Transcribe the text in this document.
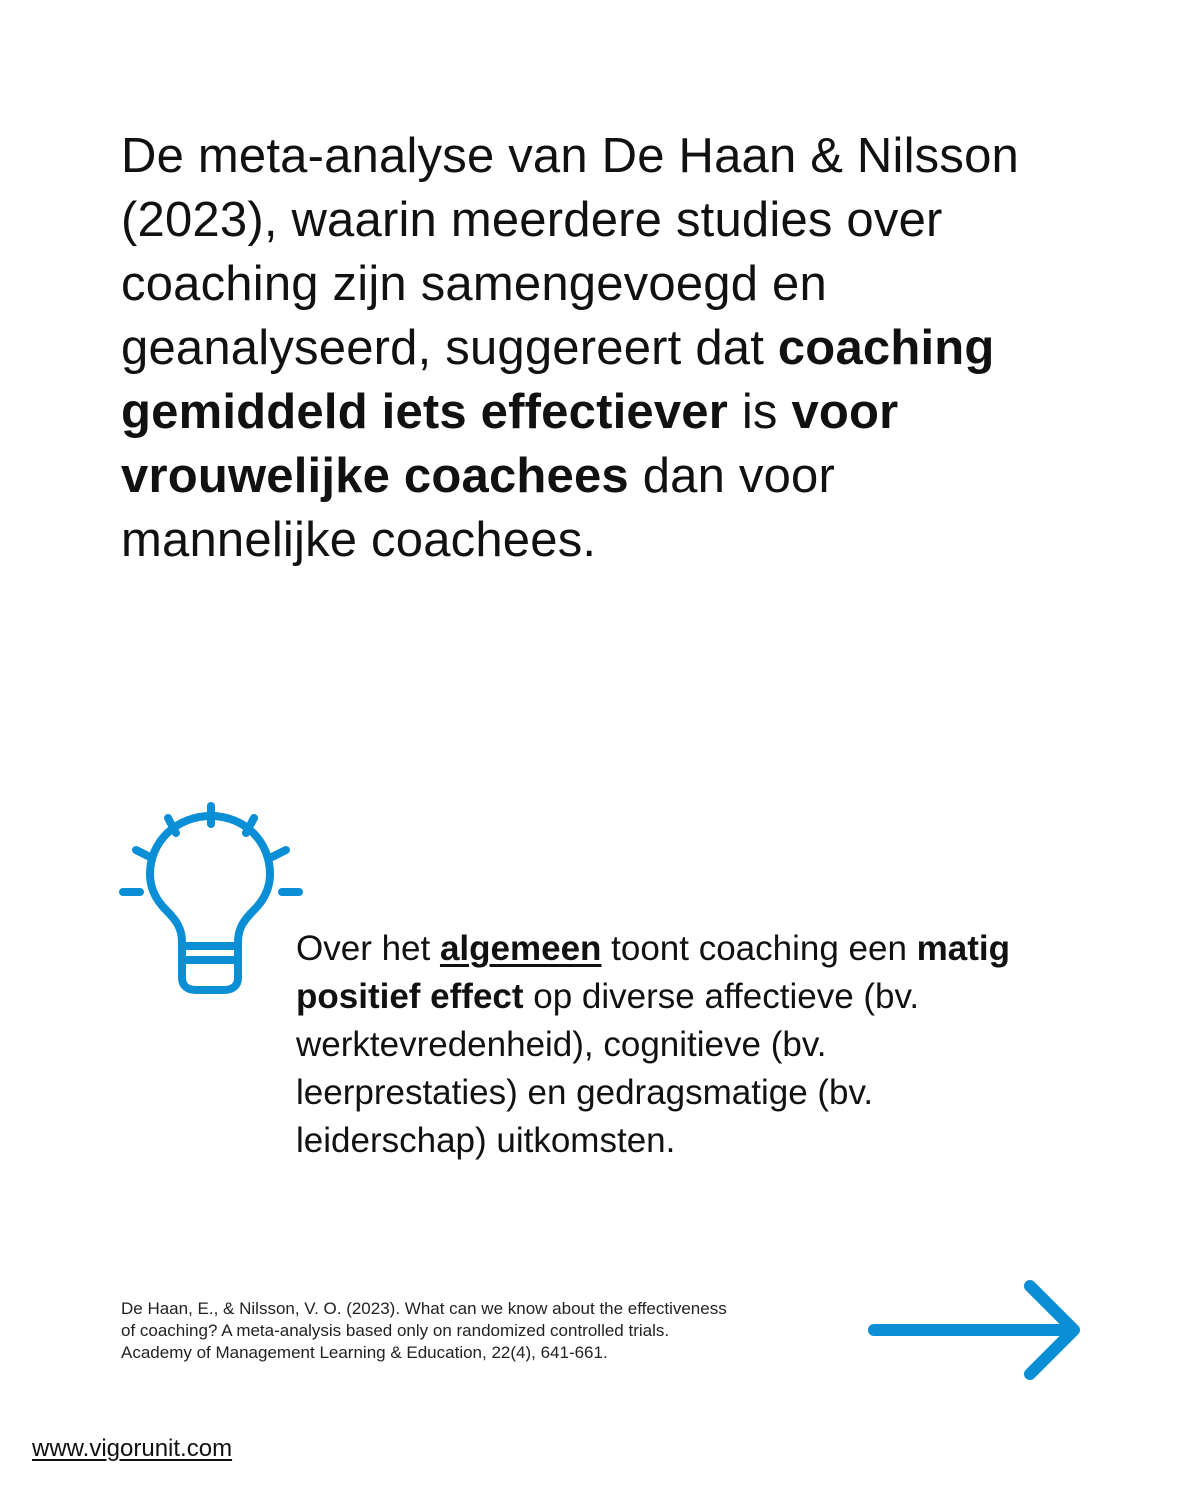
De meta-analyse van De Haan & Nilsson (2023), waarin meerdere studies over coaching zijn samengevoegd en geanalyseerd, suggereert dat coaching gemiddeld iets effectiever is voor vrouwelijke coachees dan voor mannelijke coachees.

Over het algemeen toont coaching een matig positief effect op diverse affectieve (bv. werktevredenheid), cognitieve (bv. leerprestaties) en gedragsmatige (bv. leiderschap) uitkomsten.

De Haan, E., & Nilsson, V. O. (2023). What can we know about the effectiveness
of coaching? A meta-analysis based only on randomized controlled trials.
Academy of Management Learning & Education, 22(4), 641-661.

www.vigorunit.com
